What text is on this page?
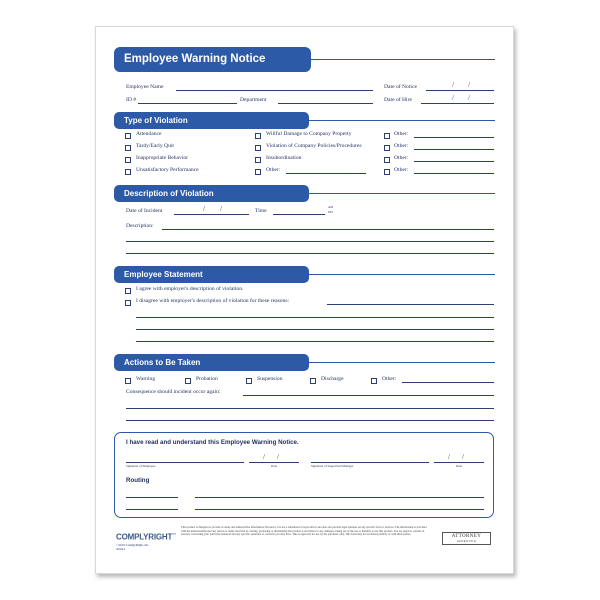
Employee Warning Notice
Employee Name	Date of Notice	/ /
ID #	Department	Date of Hire	/ /
Type of Violation
Attendance
Tardy/Early Quit
Inappropriate Behavior
Unsatisfactory Performance
Willful Damage to Company Property
Violation of Company Policies/Procedures
Insubordination
Other:
Other:
Other:
Other:
Other:
Description of Violation
Date of Incident	/ /	Time
AM
PM
Description:
Employee Statement
I agree with employer's description of violation.
I disagree with employer's description of violation for these reasons:
Actions to Be Taken
Warning	Probation	Suspension	Discharge	Other:
Consequence should incident occur again:
I have read and understand this Employee Warning Notice.
Signature of Employee
/ /
Date	Signature of Supervisor/Manager
/ /
Date
Routing
COMPLYRIGHT™
©2016 ComplyRight, Inc.
A0244
This product is designed to provide accurate and authoritative information. However, it is not a substitute for legal advice and does not provide legal opinions on any specific facts or services. The information is provided with the understanding that any person or entity involved in creating, producing or distributing this product is not liable for any damages arising out of the use or inability to use this product. You are urged to consult an attorney concerning your particular situation and any specific questions or concerns you may have. This is approved for use by the purchaser only. This form may not be shared publicly or with third parties.	ATTORNEY
APPROVED
